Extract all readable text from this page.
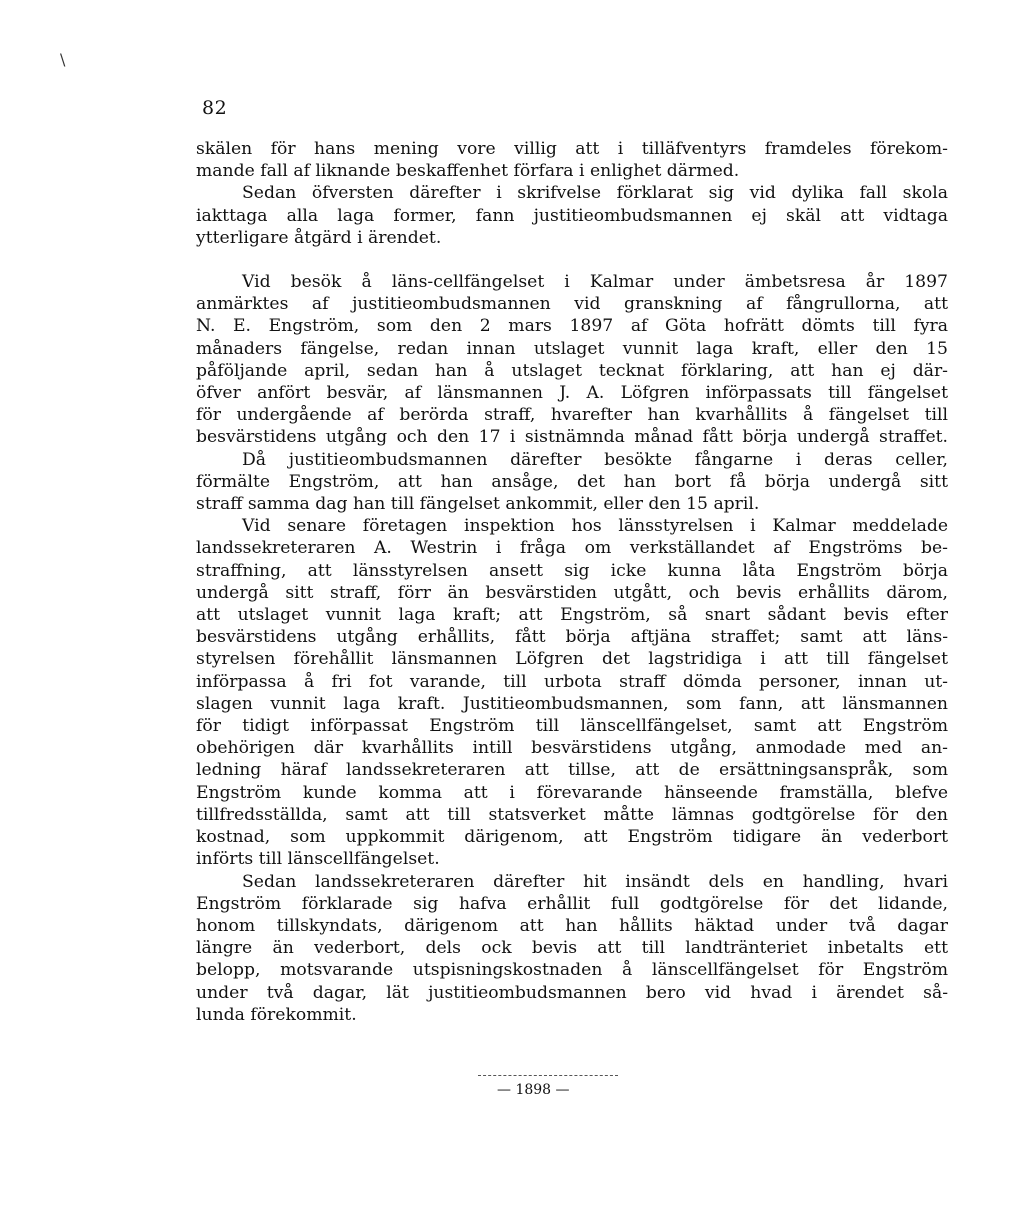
\
82
skälen för hans mening vore villig att i tilläfventyrs framdeles förekom-
mande fall af liknande beskaffenhet förfara i enlighet därmed.
Sedan öfversten därefter i skrifvelse förklarat sig vid dylika fall skola
iakttaga alla laga former, fann justitieombudsmannen ej skäl att vidtaga
ytterligare åtgärd i ärendet.
Vid besök å läns-cellfängelset i Kalmar under ämbetsresa år 1897
anmärktes af justitieombudsmannen vid granskning af fångrullorna, att
N. E. Engström, som den 2 mars 1897 af Göta hofrätt dömts till fyra
månaders fängelse, redan innan utslaget vunnit laga kraft, eller den 15
påföljande april, sedan han å utslaget tecknat förklaring, att han ej där-
öfver anfört besvär, af länsmannen J. A. Löfgren införpassats till fängelset
för undergående af berörda straff, hvarefter han kvarhållits å fängelset till
besvärstidens utgång och den 17 i sistnämnda månad fått börja undergå straffet.
Då justitieombudsmannen därefter besökte fångarne i deras celler,
förmälte Engström, att han ansåge, det han bort få börja undergå sitt
straff samma dag han till fängelset ankommit, eller den 15 april.
Vid senare företagen inspektion hos länsstyrelsen i Kalmar meddelade
landssekreteraren A. Westrin i fråga om verkställandet af Engströms be-
straffning, att länsstyrelsen ansett sig icke kunna låta Engström börja
undergå sitt straff, förr än besvärstiden utgått, och bevis erhållits därom,
att utslaget vunnit laga kraft; att Engström, så snart sådant bevis efter
besvärstidens utgång erhållits, fått börja aftjäna straffet; samt att läns-
styrelsen förehållit länsmannen Löfgren det lagstridiga i att till fängelset
införpassa å fri fot varande, till urbota straff dömda personer, innan ut-
slagen vunnit laga kraft. Justitieombudsmannen, som fann, att länsmannen
för tidigt införpassat Engström till länscellfängelset, samt att Engström
obehörigen där kvarhållits intill besvärstidens utgång, anmodade med an-
ledning häraf landssekreteraren att tillse, att de ersättningsanspråk, som
Engström kunde komma att i förevarande hänseende framställa, blefve
tillfredsställda, samt att till statsverket måtte lämnas godtgörelse för den
kostnad, som uppkommit därigenom, att Engström tidigare än vederbort
införts till länscellfängelset.
Sedan landssekreteraren därefter hit insändt dels en handling, hvari
Engström förklarade sig hafva erhållit full godtgörelse för det lidande,
honom tillskyndats, därigenom att han hållits häktad under två dagar
längre än vederbort, dels ock bevis att till landtränteriet inbetalts ett
belopp, motsvarande utspisningskostnaden å länscellfängelset för Engström
under två dagar, lät justitieombudsmannen bero vid hvad i ärendet så-
lunda förekommit.
— 1898 —
